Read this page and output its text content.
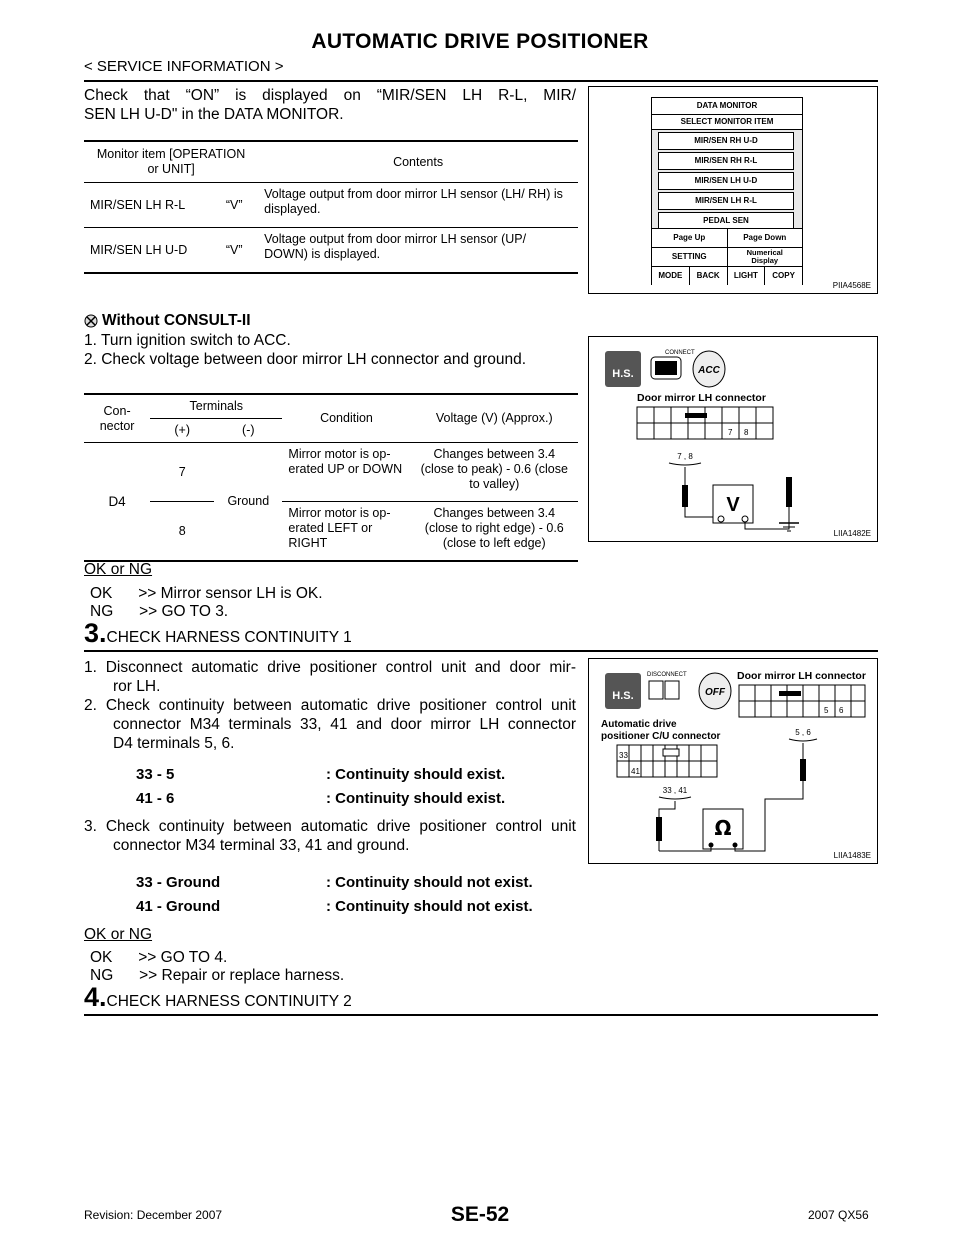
AUTOMATIC DRIVE POSITIONER
< SERVICE INFORMATION >
Check that “ON” is displayed on “MIR/SEN LH R-L, MIR/
SEN LH U-D" in the DATA MONITOR.
Monitor item [OPERATION or UNIT]		Contents
MIR/SEN LH R-L	“V”	Voltage output from door mirror LH sensor (LH/ RH) is displayed.
MIR/SEN LH U-D	“V”	Voltage output from door mirror LH sensor (UP/ DOWN) is displayed.
DATA MONITOR
SELECT MONITOR ITEM
MIR/SEN RH U-D
MIR/SEN RH R-L
MIR/SEN LH U-D
MIR/SEN LH R-L
PEDAL SEN
Page Up	Page Down
SETTING	Numerical
Display
MODE	BACK	LIGHT	COPY
PIIA4568E
Without CONSULT-II
1. Turn ignition switch to ACC.
2. Check voltage between door mirror LH connector and ground.
Con- nector	Terminals		Condition	Voltage (V) (Approx.)
	(+)	(-)		
D4	7	Ground	Mirror motor is op- erated UP or DOWN	Changes between 3.4 (close to peak) - 0.6 (close to valley)
	8		Mirror motor is op- erated LEFT or RIGHT	Changes between 3.4 (close to right edge) - 0.6 (close to left edge)
H.S.
CONNECT
ACC
Door mirror LH connector
7 8
7 , 8
V
LIIA1482E
OK or NG
OK      >> Mirror sensor LH is OK.
NG      >> GO TO 3.
3. CHECK HARNESS CONTINUITY 1
1. Disconnect automatic drive positioner control unit and door mir-
ror LH.
2. Check continuity between automatic drive positioner control unit
connector M34 terminals 33, 41 and door mirror LH connector
D4 terminals 5, 6.
33 - 5	: Continuity should exist.
41 - 6	: Continuity should exist.
3. Check continuity between automatic drive positioner control unit
connector M34 terminal 33, 41 and ground.
33 - Ground	: Continuity should not exist.
41 - Ground	: Continuity should not exist.
H.S.
DISCONNECT
OFF
Door mirror LH connector
5 6
5 , 6
Automatic drive
positioner C/U connector
33
41
33 , 41
Ω
LIIA1483E
OK or NG
OK      >> GO TO 4.
NG      >> Repair or replace harness.
4. CHECK HARNESS CONTINUITY 2
SE-52
Revision: December 2007	2007 QX56
